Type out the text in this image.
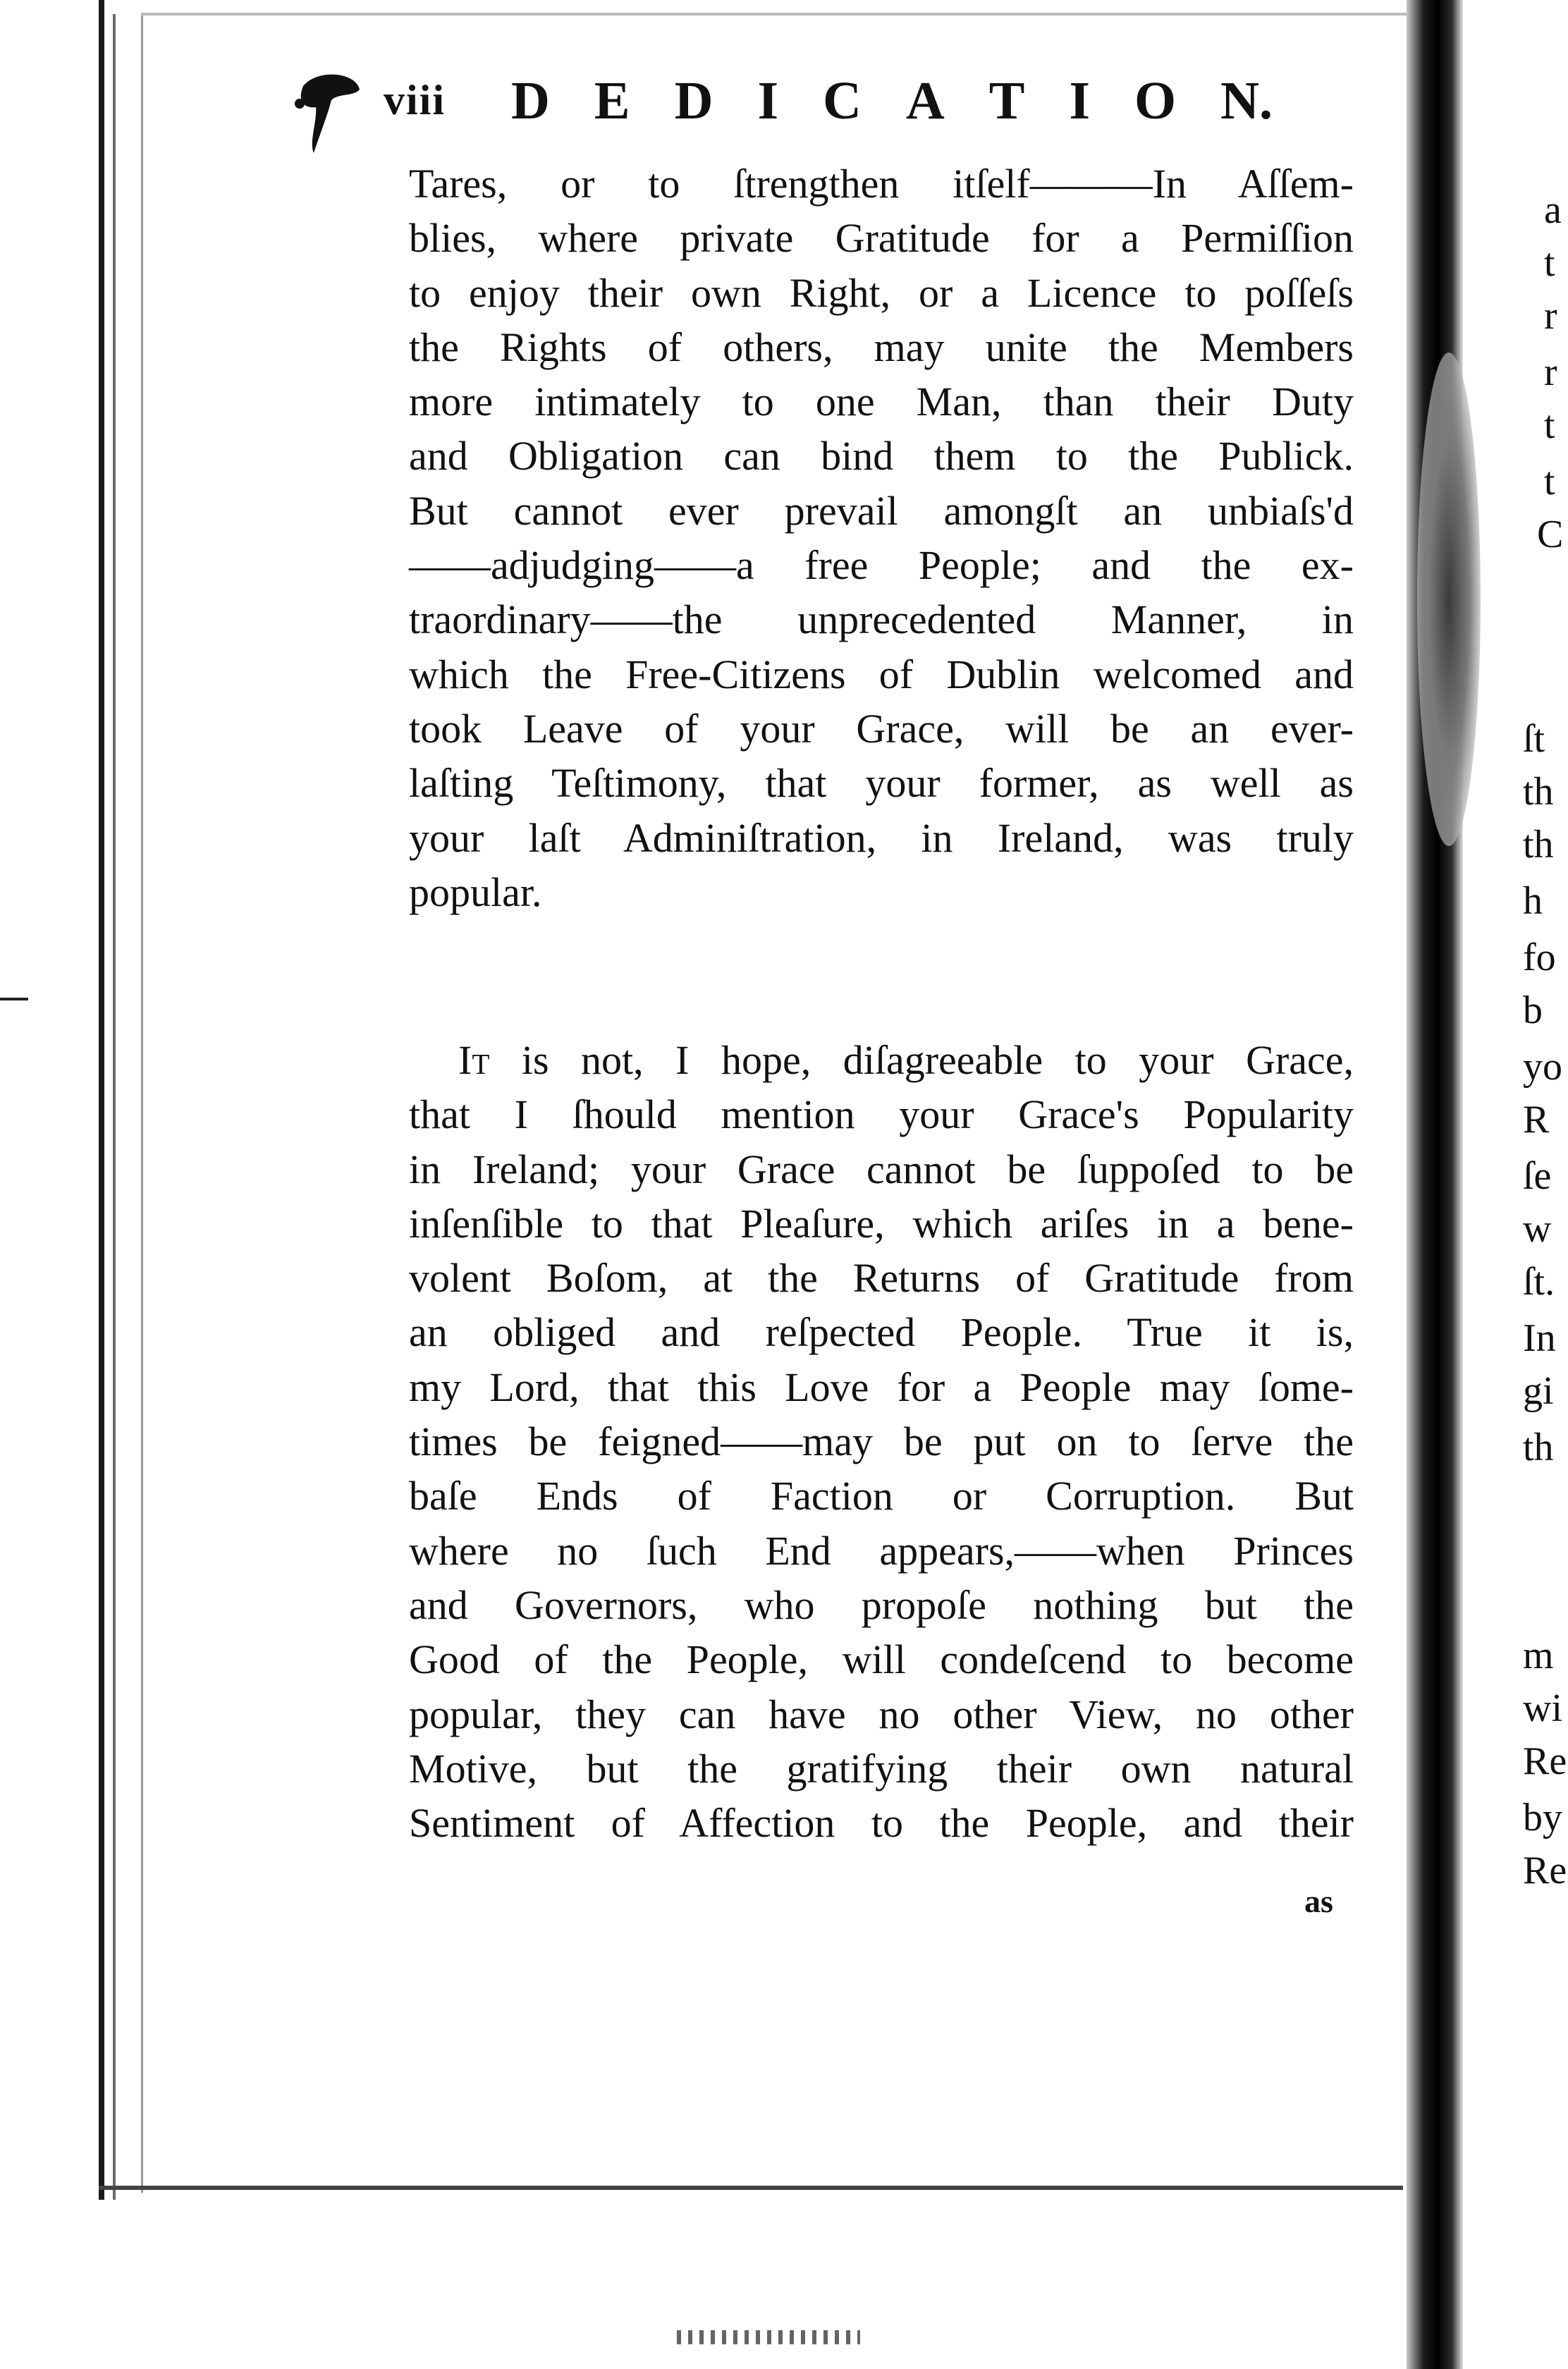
viii D E D I C A T I O N.
Tares, or to ſtrengthen itſelf———In Aſſem-
blies, where private Gratitude for a Permiſſion
to enjoy their own Right, or a Licence to poſſeſs
the Rights of others, may unite the Members
more intimately to one Man, than their Duty
and Obligation can bind them to the Publick.
But cannot ever prevail amongſt an unbiaſs'd
——adjudging——a free People; and the ex-
traordinary——the unprecedented Manner, in
which the Free-Citizens of Dublin welcomed and
took Leave of your Grace, will be an ever-
laſting Teſtimony, that your former, as well as
your laſt Adminiſtration, in Ireland, was truly
popular.
It is not, I hope, diſagreeable to your Grace,
that I ſhould mention your Grace's Popularity
in Ireland; your Grace cannot be ſuppoſed to be
inſenſible to that Pleaſure, which ariſes in a bene-
volent Boſom, at the Returns of Gratitude from
an obliged and reſpected People. True it is,
my Lord, that this Love for a People may ſome-
times be feigned——may be put on to ſerve the
baſe Ends of Faction or Corruption. But
where no ſuch End appears,——when Princes
and Governors, who propoſe nothing but the
Good of the People, will condeſcend to become
popular, they can have no other View, no other
Motive, but the gratifying their own natural
Sentiment of Affection to the People, and their
as
a
t
r
r
t
t
C
ſt
th
th
h
fo
b
yo
R
ſe
w
ſt.
In
gi
th
m
wi
Re
by
Re
